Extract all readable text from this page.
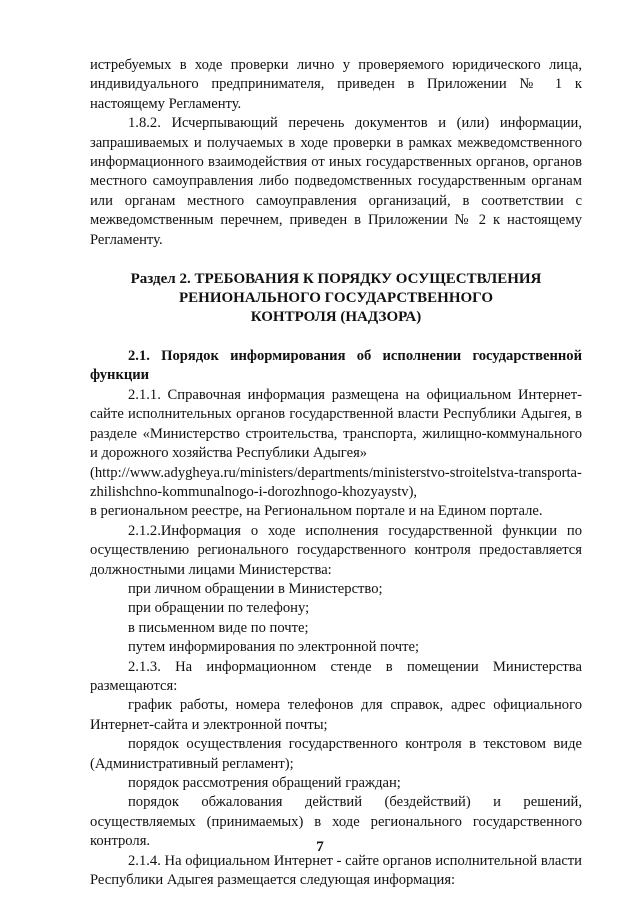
истребуемых в ходе проверки лично у проверяемого юридического лица, индивидуального предпринимателя, приведен в Приложении № 1 к настоящему Регламенту.

1.8.2. Исчерпывающий перечень документов и (или) информации, запрашиваемых и получаемых в ходе проверки в рамках межведомственного информационного взаимодействия от иных государственных органов, органов местного самоуправления либо подведомственных государственным органам или органам местного самоуправления организаций, в соответствии с межведомственным перечнем, приведен в Приложении № 2 к настоящему Регламенту.

Раздел 2. ТРЕБОВАНИЯ К ПОРЯДКУ ОСУЩЕСТВЛЕНИЯ
РЕНИОНАЛЬНОГО ГОСУДАРСТВЕННОГО
КОНТРОЛЯ (НАДЗОРА)

2.1. Порядок информирования об исполнении государственной функции

2.1.1. Справочная информация размещена на официальном Интернет-сайте исполнительных органов государственной власти Республики Адыгея, в разделе «Министерство строительства, транспорта, жилищно-коммунального и дорожного хозяйства Республики Адыгея»

(http://www.adygheya.ru/ministers/departments/ministerstvo-stroitelstva-transporta-zhilishchno-kommunalnogo-i-dorozhnogo-khozyaystv),

в региональном реестре, на Региональном портале и на Едином портале.

2.1.2.Информация о ходе исполнения государственной функции по осуществлению регионального государственного контроля предоставляется должностными лицами Министерства:

при личном обращении в Министерство;

при обращении по телефону;

в письменном виде по почте;

путем информирования по электронной почте;

2.1.3. На информационном стенде в помещении Министерства размещаются:

график работы, номера телефонов для справок, адрес официального Интернет-сайта и электронной почты;

порядок осуществления государственного контроля в текстовом виде (Административный регламент);

порядок рассмотрения обращений граждан;

порядок обжалования действий (бездействий) и решений, осуществляемых (принимаемых) в ходе регионального государственного контроля.

2.1.4. На официальном Интернет - сайте органов исполнительной власти Республики Адыгея размещается следующая информация:

7
